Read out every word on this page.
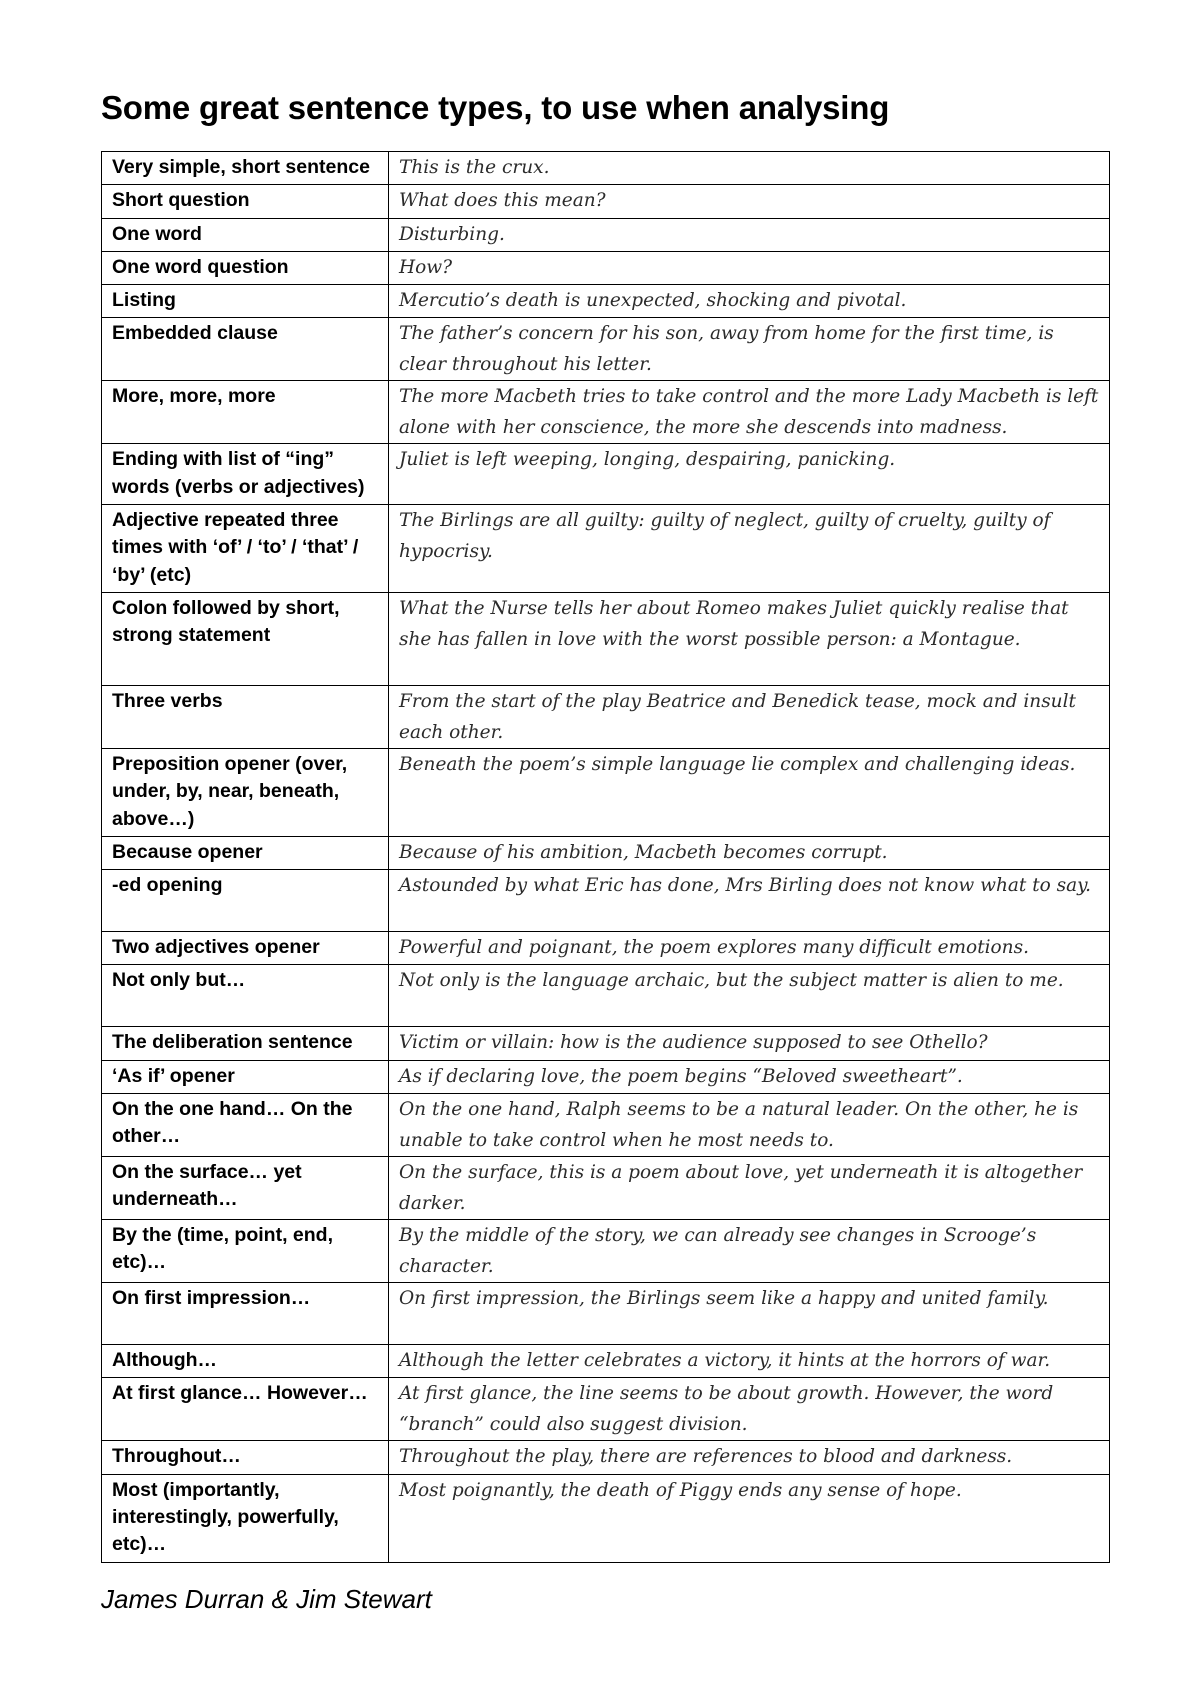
Some great sentence types, to use when analysing
Very simple, short sentence	This is the crux.
Short question	What does this mean?
One word	Disturbing.
One word question	How?
Listing	Mercutio’s death is unexpected, shocking and pivotal.
Embedded clause	The father’s concern for his son, away from home for the first time, is clear throughout his letter.
More, more, more	The more Macbeth tries to take control and the more Lady Macbeth is left alone with her conscience, the more she descends into madness.
Ending with list of “ing” words (verbs or adjectives)	Juliet is left weeping, longing, despairing, panicking.
Adjective repeated three times with ‘of’ / ‘to’ / ‘that’ / ‘by’ (etc)	The Birlings are all guilty: guilty of neglect, guilty of cruelty, guilty of hypocrisy.
Colon followed by short, strong statement	What the Nurse tells her about Romeo makes Juliet quickly realise that she has fallen in love with the worst possible person: a Montague.
Three verbs	From the start of the play Beatrice and Benedick tease, mock and insult each other.
Preposition opener (over, under, by, near, beneath, above…)	Beneath the poem’s simple language lie complex and challenging ideas.
Because opener	Because of his ambition, Macbeth becomes corrupt.
-ed opening	Astounded by what Eric has done, Mrs Birling does not know what to say.
Two adjectives opener	Powerful and poignant, the poem explores many difficult emotions.
Not only but…	Not only is the language archaic, but the subject matter is alien to me.
The deliberation sentence	Victim or villain: how is the audience supposed to see Othello?
‘As if’ opener	As if declaring love, the poem begins “Beloved sweetheart”.
On the one hand… On the other…	On the one hand, Ralph seems to be a natural leader. On the other, he is unable to take control when he most needs to.
On the surface… yet underneath…	On the surface, this is a poem about love, yet underneath it is altogether darker.
By the (time, point, end, etc)…	By the middle of the story, we can already see changes in Scrooge’s character.
On first impression…	On first impression, the Birlings seem like a happy and united family.
Although…	Although the letter celebrates a victory, it hints at the horrors of war.
At first glance… However…	At first glance, the line seems to be about growth. However, the word “branch” could also suggest division.
Throughout…	Throughout the play, there are references to blood and darkness.
Most (importantly, interestingly, powerfully, etc)…	Most poignantly, the death of Piggy ends any sense of hope.

James Durran & Jim Stewart
